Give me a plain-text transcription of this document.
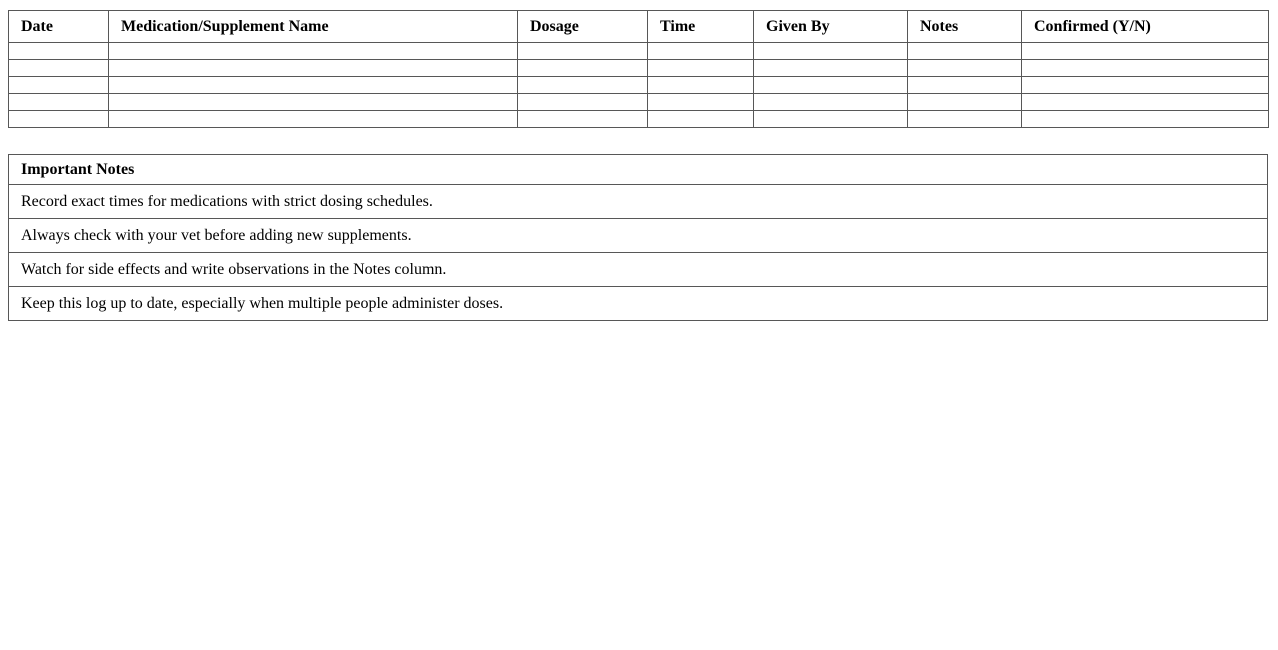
Date	Medication/Supplement Name	Dosage	Time	Given By	Notes	Confirmed (Y/N)

Important Notes
Record exact times for medications with strict dosing schedules.
Always check with your vet before adding new supplements.
Watch for side effects and write observations in the Notes column.
Keep this log up to date, especially when multiple people administer doses.
